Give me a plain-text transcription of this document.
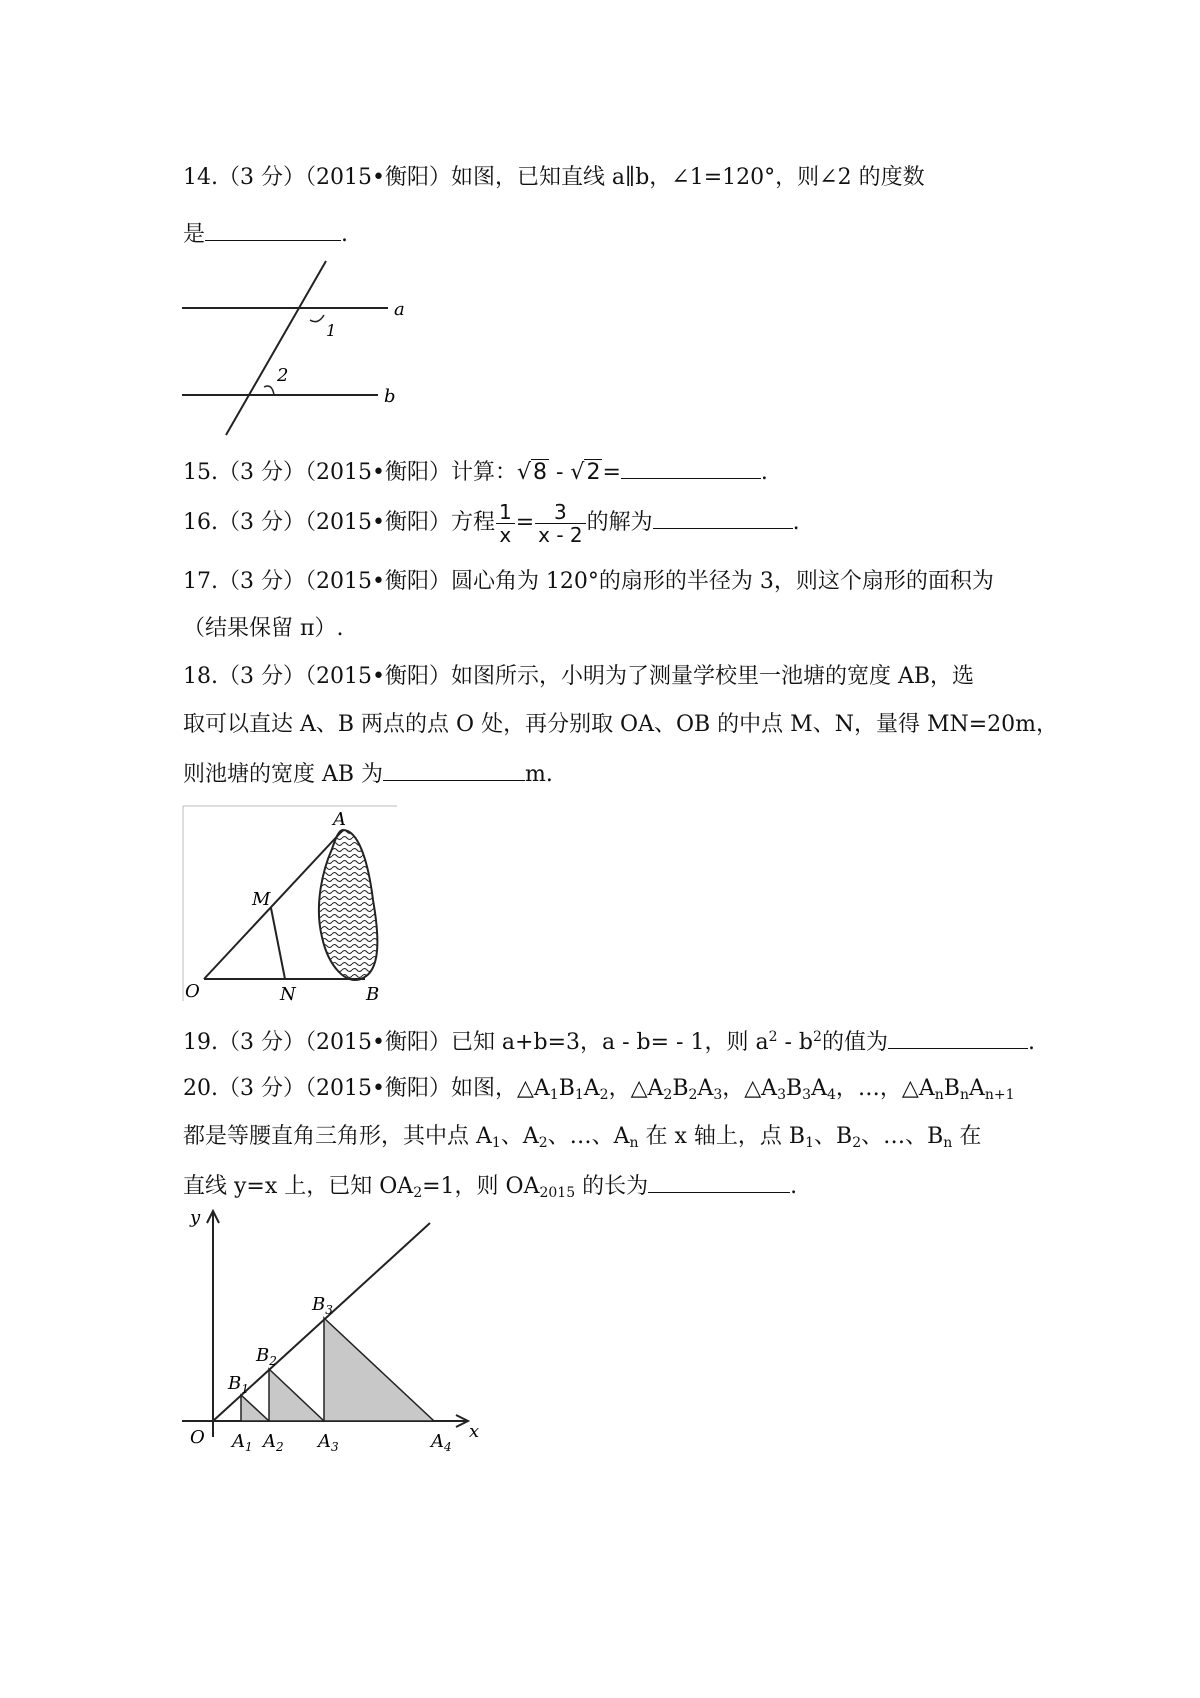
14.（3 分）（2015•衡阳）如图，已知直线 a∥b，∠1=120°，则∠2 的度数
是	.
a
b
1
2
15.（3 分）（2015•衡阳）计算：√8 - √2=	.
16.（3 分）（2015•衡阳）方程 $\frac{1}{x} = \frac{3}{x - 2}$ 的解为	.
17.（3 分）（2015•衡阳）圆心角为 120°的扇形的半径为 3，则这个扇形的面积为
（结果保留 π）.
18.（3 分）（2015•衡阳）如图所示，小明为了测量学校里一池塘的宽度 AB，选
取可以直达 A、B 两点的点 O 处，再分别取 OA、OB 的中点 M、N，量得 MN=20m，
则池塘的宽度 AB 为	m.
A
M
O	N	B
19.（3 分）（2015•衡阳）已知 a+b=3，a - b= - 1，则 $a^2 - b^2$的值为	.
20.（3 分）（2015•衡阳）如图，$\triangle A_1B_1A_2$，$\triangle A_2B_2A_3$，$\triangle A_3B_3A_4$，…，$\triangle A_nB_nA_{n+1}$
都是等腰直角三角形，其中点 $A_1$、$A_2$、…、$A_n$ 在 x 轴上，点 $B_1$、$B_2$、…、$B_n$ 在
直线 y=x 上，已知 $OA_2=1$，则 $OA_{2015}$ 的长为	.
y
x
O $A_1$ $A_2$ $A_3$	$A_4$
$B_1$
$B_2$
$B_3$
